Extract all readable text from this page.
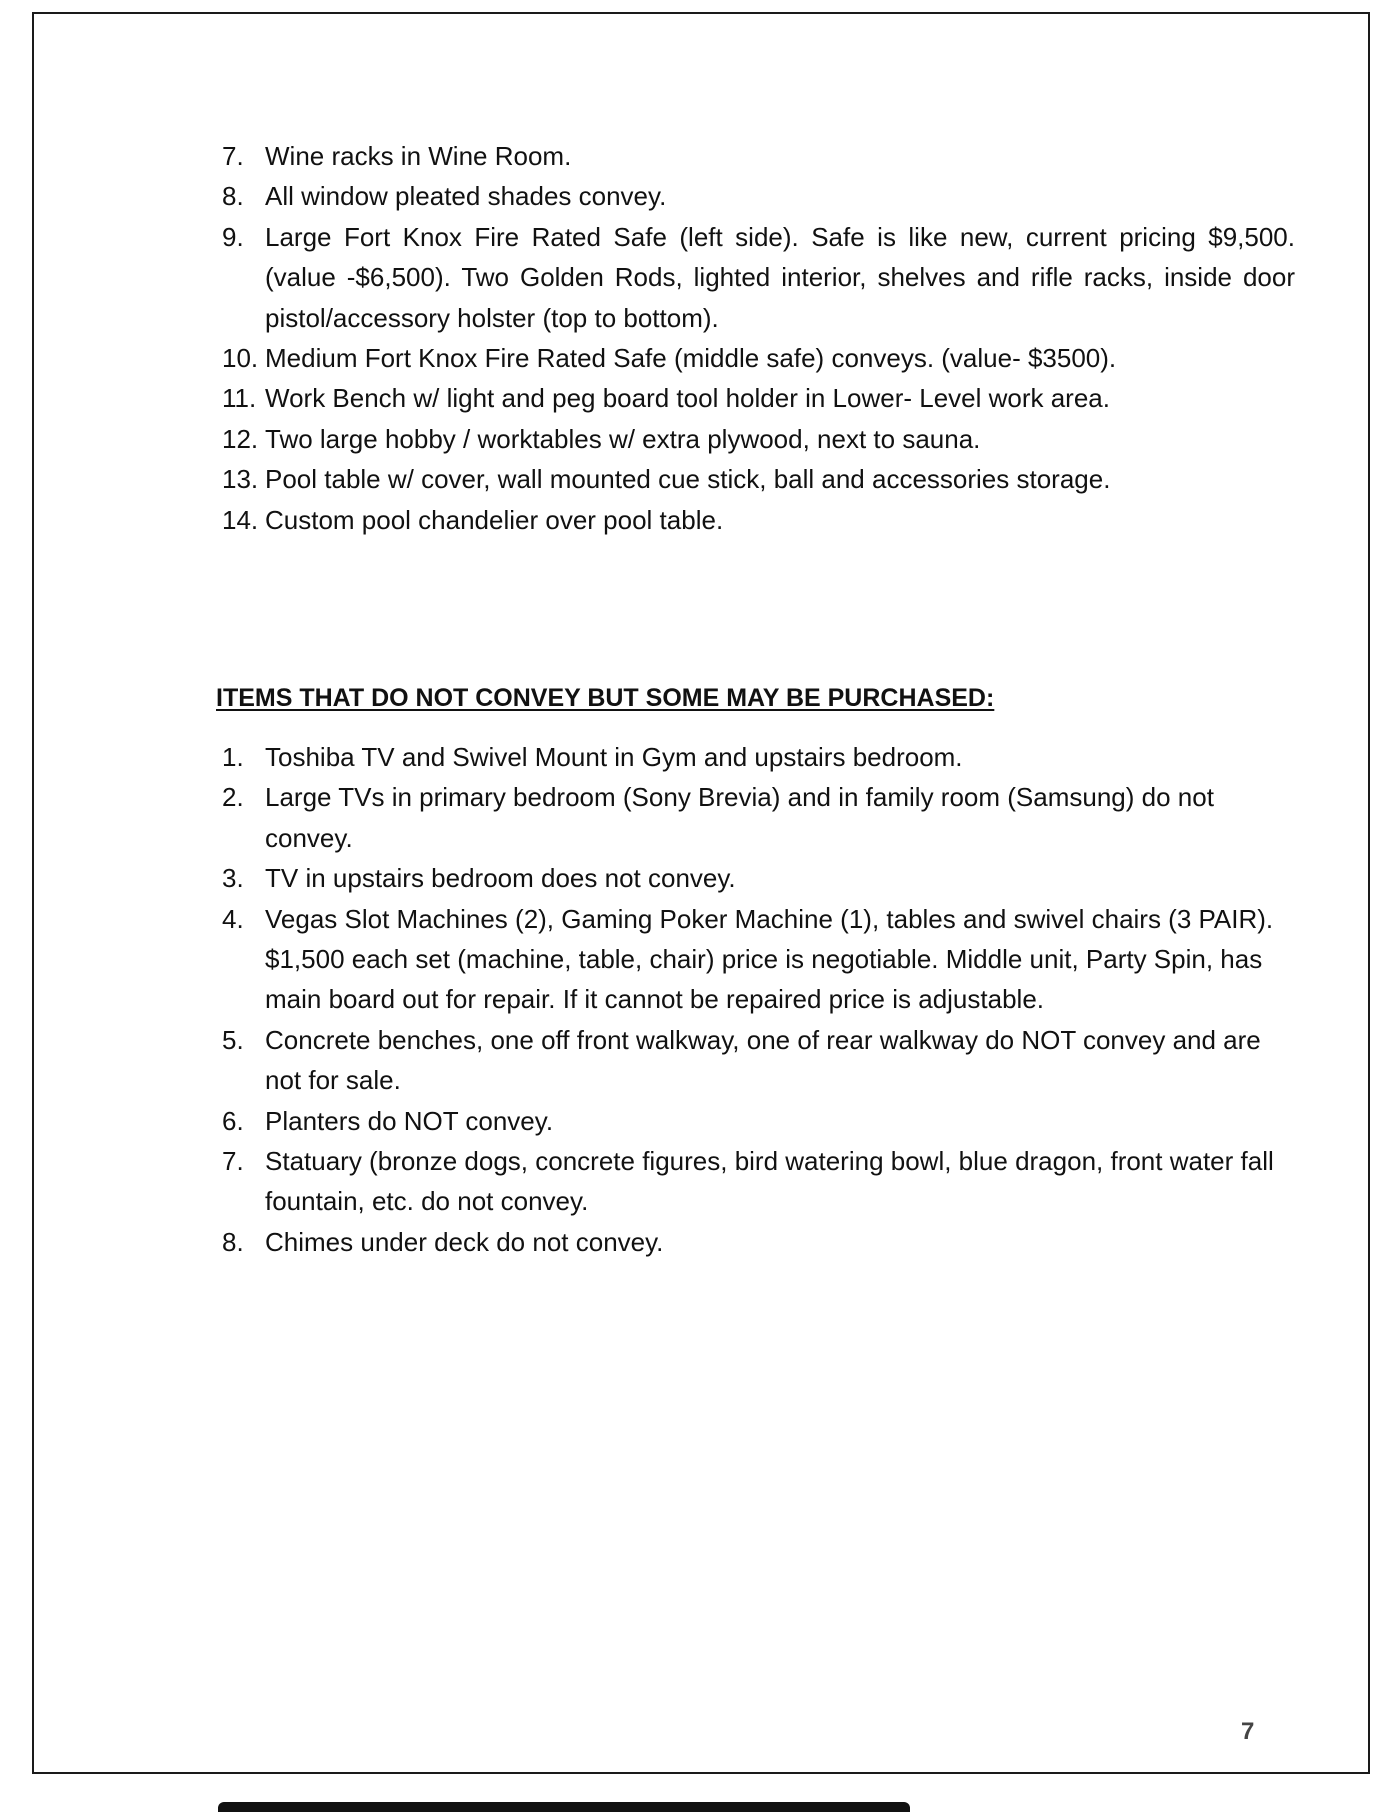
7. Wine racks in Wine Room.
8. All window pleated shades convey.
9. Large Fort Knox Fire Rated Safe (left side). Safe is like new, current pricing $9,500. (value -$6,500). Two Golden Rods, lighted interior, shelves and rifle racks, inside door pistol/accessory holster (top to bottom).
10. Medium Fort Knox Fire Rated Safe (middle safe) conveys. (value- $3500).
11. Work Bench w/ light and peg board tool holder in Lower- Level work area.
12. Two large hobby / worktables w/ extra plywood, next to sauna.
13. Pool table w/ cover, wall mounted cue stick, ball and accessories storage.
14. Custom pool chandelier over pool table.
ITEMS THAT DO NOT CONVEY BUT SOME MAY BE PURCHASED:
1. Toshiba TV and Swivel Mount in Gym and upstairs bedroom.
2. Large TVs in primary bedroom (Sony Brevia) and in family room (Samsung) do not convey.
3. TV in upstairs bedroom does not convey.
4. Vegas Slot Machines (2), Gaming Poker Machine (1), tables and swivel chairs (3 PAIR). $1,500 each set (machine, table, chair) price is negotiable. Middle unit, Party Spin, has main board out for repair. If it cannot be repaired price is adjustable.
5. Concrete benches, one off front walkway, one of rear walkway do NOT convey and are not for sale.
6. Planters do NOT convey.
7. Statuary (bronze dogs, concrete figures, bird watering bowl, blue dragon, front water fall fountain, etc. do not convey.
8. Chimes under deck do not convey.
7
